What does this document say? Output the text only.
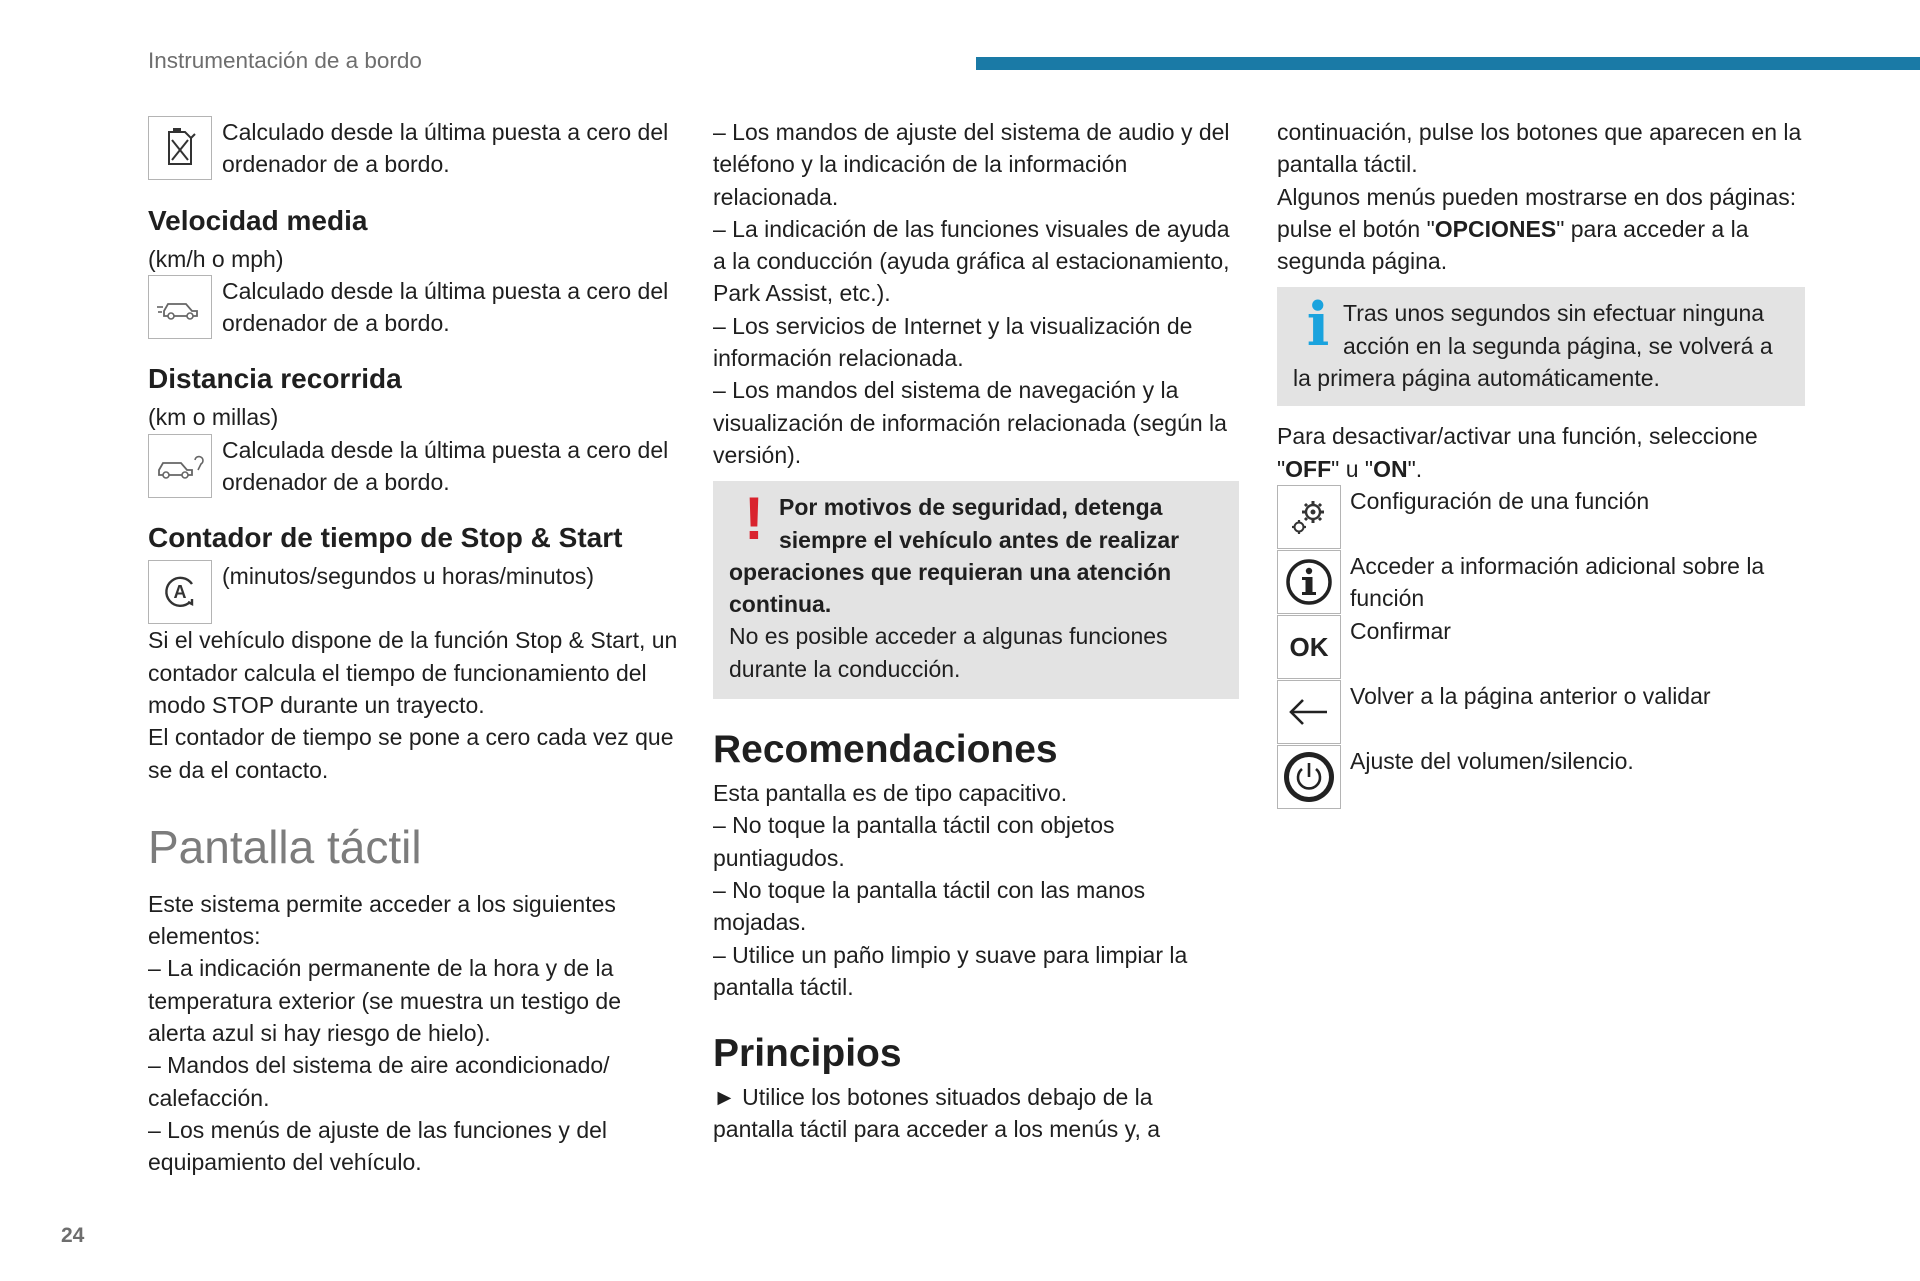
Instrumentación de a bordo
Calculado desde la última puesta a cero del ordenador de a bordo.
Velocidad media
(km/h o mph)
Calculado desde la última puesta a cero del ordenador de a bordo.
Distancia recorrida
(km o millas)
Calculada desde la última puesta a cero del ordenador de a bordo.
Contador de tiempo de Stop & Start
A
(minutos/segundos u horas/minutos)
Si el vehículo dispone de la función Stop & Start, un contador calcula el tiempo de funcionamiento del modo STOP durante un trayecto.
El contador de tiempo se pone a cero cada vez que se da el contacto.
Pantalla táctil
Este sistema permite acceder a los siguientes elementos:
– La indicación permanente de la hora y de la temperatura exterior (se muestra un testigo de alerta azul si hay riesgo de hielo).
– Mandos del sistema de aire acondicionado/ calefacción.
– Los menús de ajuste de las funciones y del equipamiento del vehículo.
– Los mandos de ajuste del sistema de audio y del teléfono y la indicación de la información relacionada.
– La indicación de las funciones visuales de ayuda a la conducción (ayuda gráfica al estacionamiento, Park Assist, etc.).
– Los servicios de Internet y la visualización de información relacionada.
– Los mandos del sistema de navegación y la visualización de información relacionada (según la versión).
! Por motivos de seguridad, detenga siempre el vehículo antes de realizar operaciones que requieran una atención continua.
No es posible acceder a algunas funciones durante la conducción.
Recomendaciones
Esta pantalla es de tipo capacitivo.
– No toque la pantalla táctil con objetos puntiagudos.
– No toque la pantalla táctil con las manos mojadas.
– Utilice un paño limpio y suave para limpiar la pantalla táctil.
Principios
► Utilice los botones situados debajo de la pantalla táctil para acceder a los menús y, a
continuación, pulse los botones que aparecen en la pantalla táctil.
Algunos menús pueden mostrarse en dos páginas: pulse el botón "OPCIONES" para acceder a la segunda página.
i Tras unos segundos sin efectuar ninguna acción en la segunda página, se volverá a la primera página automáticamente.
Para desactivar/activar una función, seleccione "OFF" u "ON".
Configuración de una función
Acceder a información adicional sobre la función
OK
Confirmar
Volver a la página anterior o validar
Ajuste del volumen/silencio.
24
